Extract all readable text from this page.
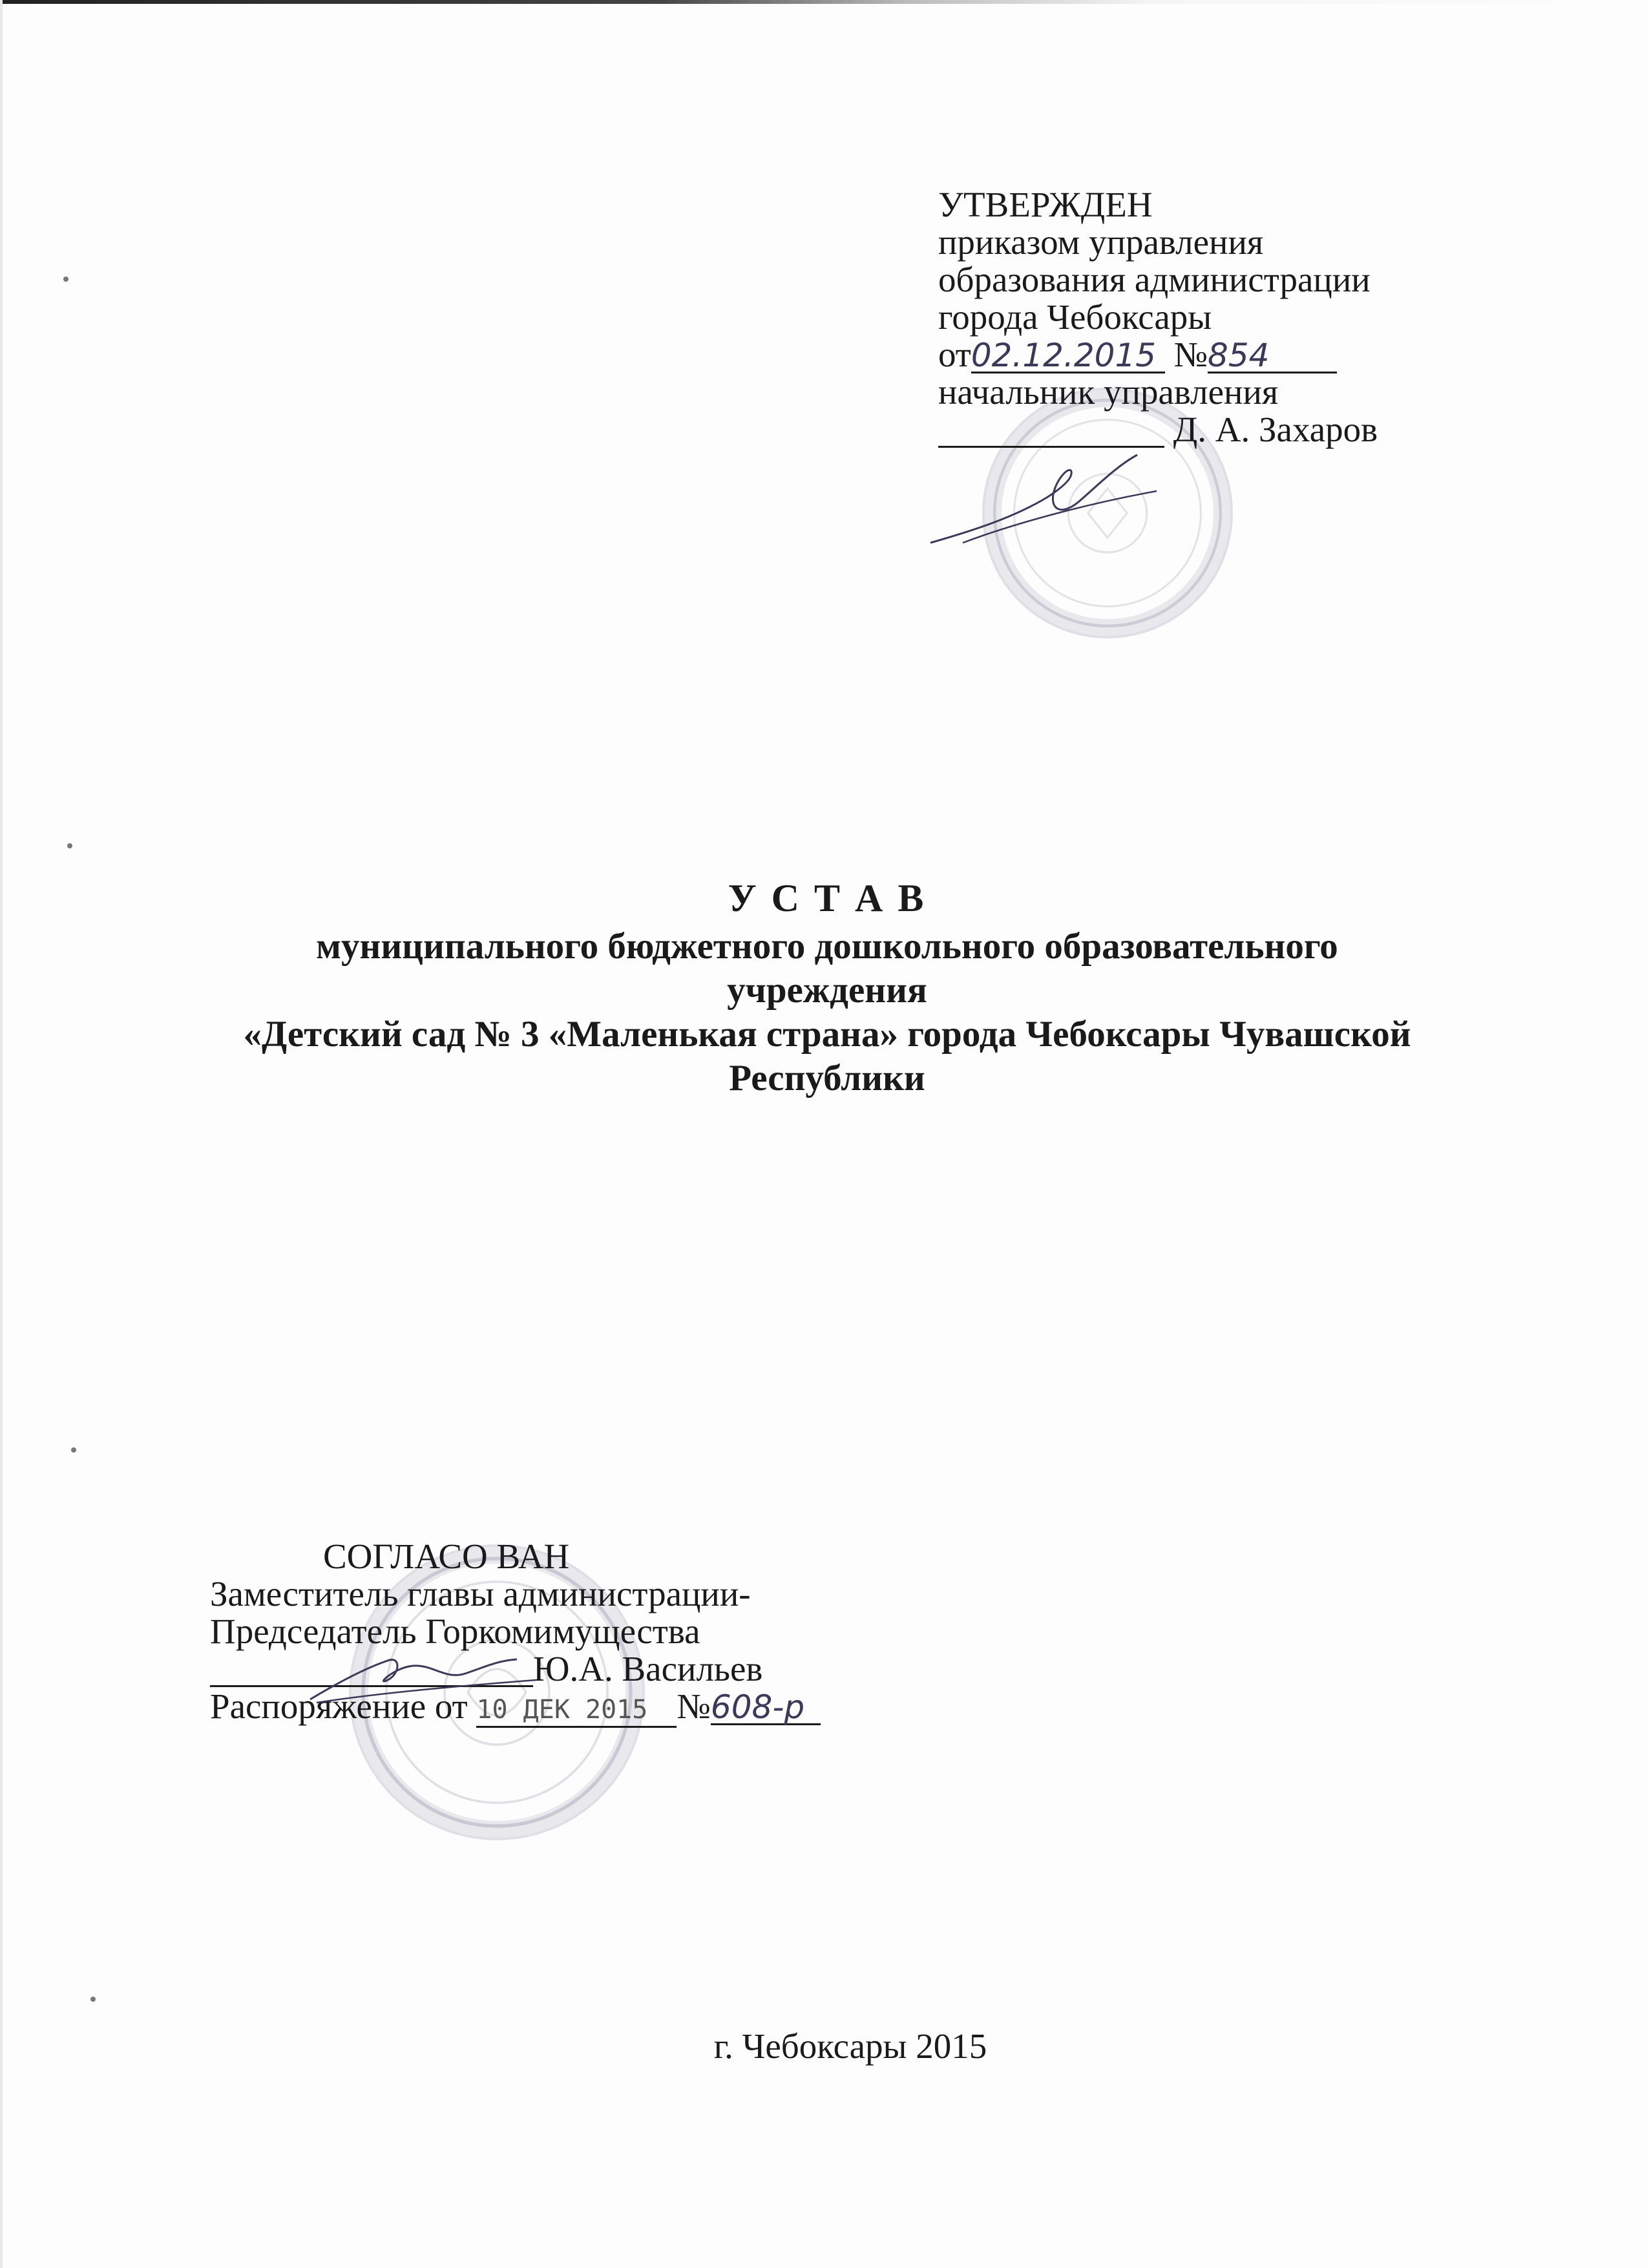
УТВЕРЖДЕН
приказом управления
образования администрации
города Чебоксары
от02.12.2015 №854
начальник управления
Д. А. Захаров
У С Т А В
муниципального бюджетного дошкольного образовательного учреждения
«Детский сад № 3 «Маленькая страна» города Чебоксары Чувашской
Республики
СОГЛАСО ВАН
Заместитель главы администрации-
Председатель Горкомимущества
Ю.А. Васильев
Распоряжение от 10 ДЕК 2015 №608-р
г. Чебоксары 2015
